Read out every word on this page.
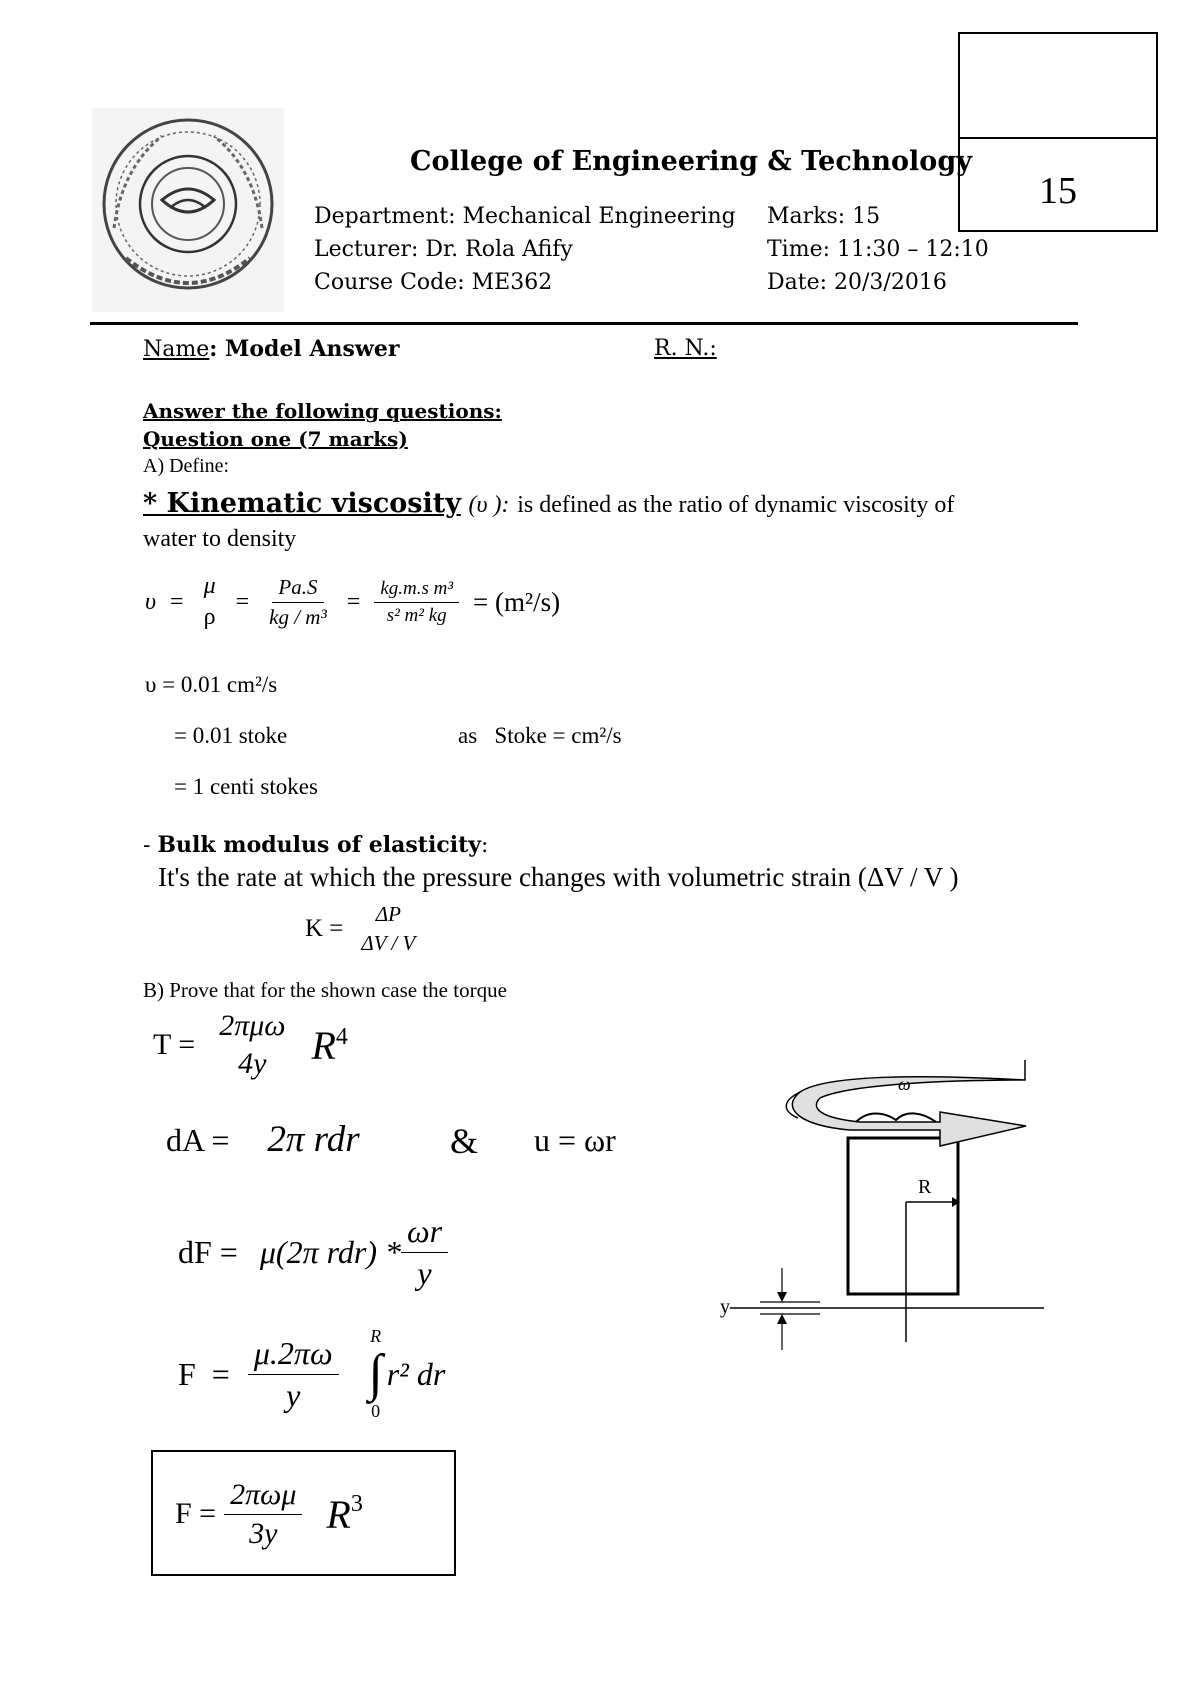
15
College of Engineering & Technology
Department: Mechanical Engineering
Lecturer: Dr. Rola Afify
Course Code: ME362
Marks: 15
Time: 11:30 – 12:10
Date: 20/3/2016
Name: Model Answer	R. N.:
Answer the following questions:
Question one (7 marks)
A) Define:
* Kinematic viscosity (υ ): is defined as the ratio of dynamic viscosity of
water to density
υ =
μ
ρ
= $\frac{Pa.S}{\text{kg / m³}} = \frac{\text{kg.m.s m³}}{\text{s² m² kg}} = (m^2/s)$
υ = 0.01 cm²/s
= 0.01 stoke	as   Stoke = cm²/s
= 1 centi stokes
- Bulk modulus of elasticity:
It's the rate at which the pressure changes with volumetric strain (ΔV / V )
K =
ΔP
ΔV / V
B) Prove that for the shown case the torque
T =
2πμω
4y $R^4$
dA = 2π rdr	& u = ωr
dF = μ(2π $rdr) * \frac{\omega r}{y}$
$F = \frac{\mu.2\pi\omega}{y}$ R
∫
0
r² dr
F =
2πωμ
3y $R^3$
ω
R
y
